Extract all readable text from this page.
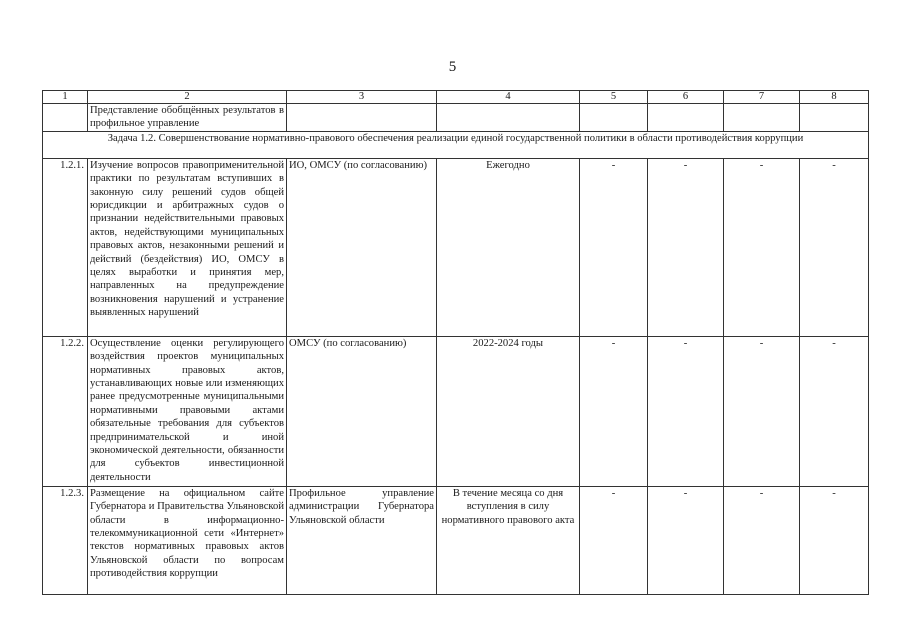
5
1	2	3	4	5	6	7	8
	Представление обобщённых результатов в профильное управление						
Задача 1.2. Совершенствование нормативно-правового обеспечения реализации единой государственной политики в области противодействия коррупции							
1.2.1.	Изучение вопросов правоприменительной практики по результатам вступивших в законную силу решений судов общей юрисдикции и арбитражных судов о признании недействительными правовых актов, недействующими муниципальных правовых актов, незаконными решений и действий (бездействия) ИО, ОМСУ в целях выработки и принятия мер, направленных на предупреждение возникновения нарушений и устранение выявленных нарушений	ИО, ОМСУ (по согласованию)	Ежегодно	-	-	-	-
1.2.2.	Осуществление оценки регулирующего воздействия проектов муниципальных нормативных правовых актов, устанавливающих новые или изменяющих ранее предусмотренные муниципальными нормативными правовыми актами обязательные требования для субъектов предпринимательской и иной экономической деятельности, обязанности для субъектов инвестиционной деятельности	ОМСУ (по согласованию)	2022-2024 годы	-	-	-	-
1.2.3.	Размещение на официальном сайте Губернатора и Правительства Ульяновской области в информационно-телекоммуникационной сети «Интернет» текстов нормативных правовых актов Ульяновской области по вопросам противодействия коррупции	Профильное управление администрации Губернатора Ульяновской области	В течение месяца со дня вступления в силу нормативного правового акта	-	-	-	-
